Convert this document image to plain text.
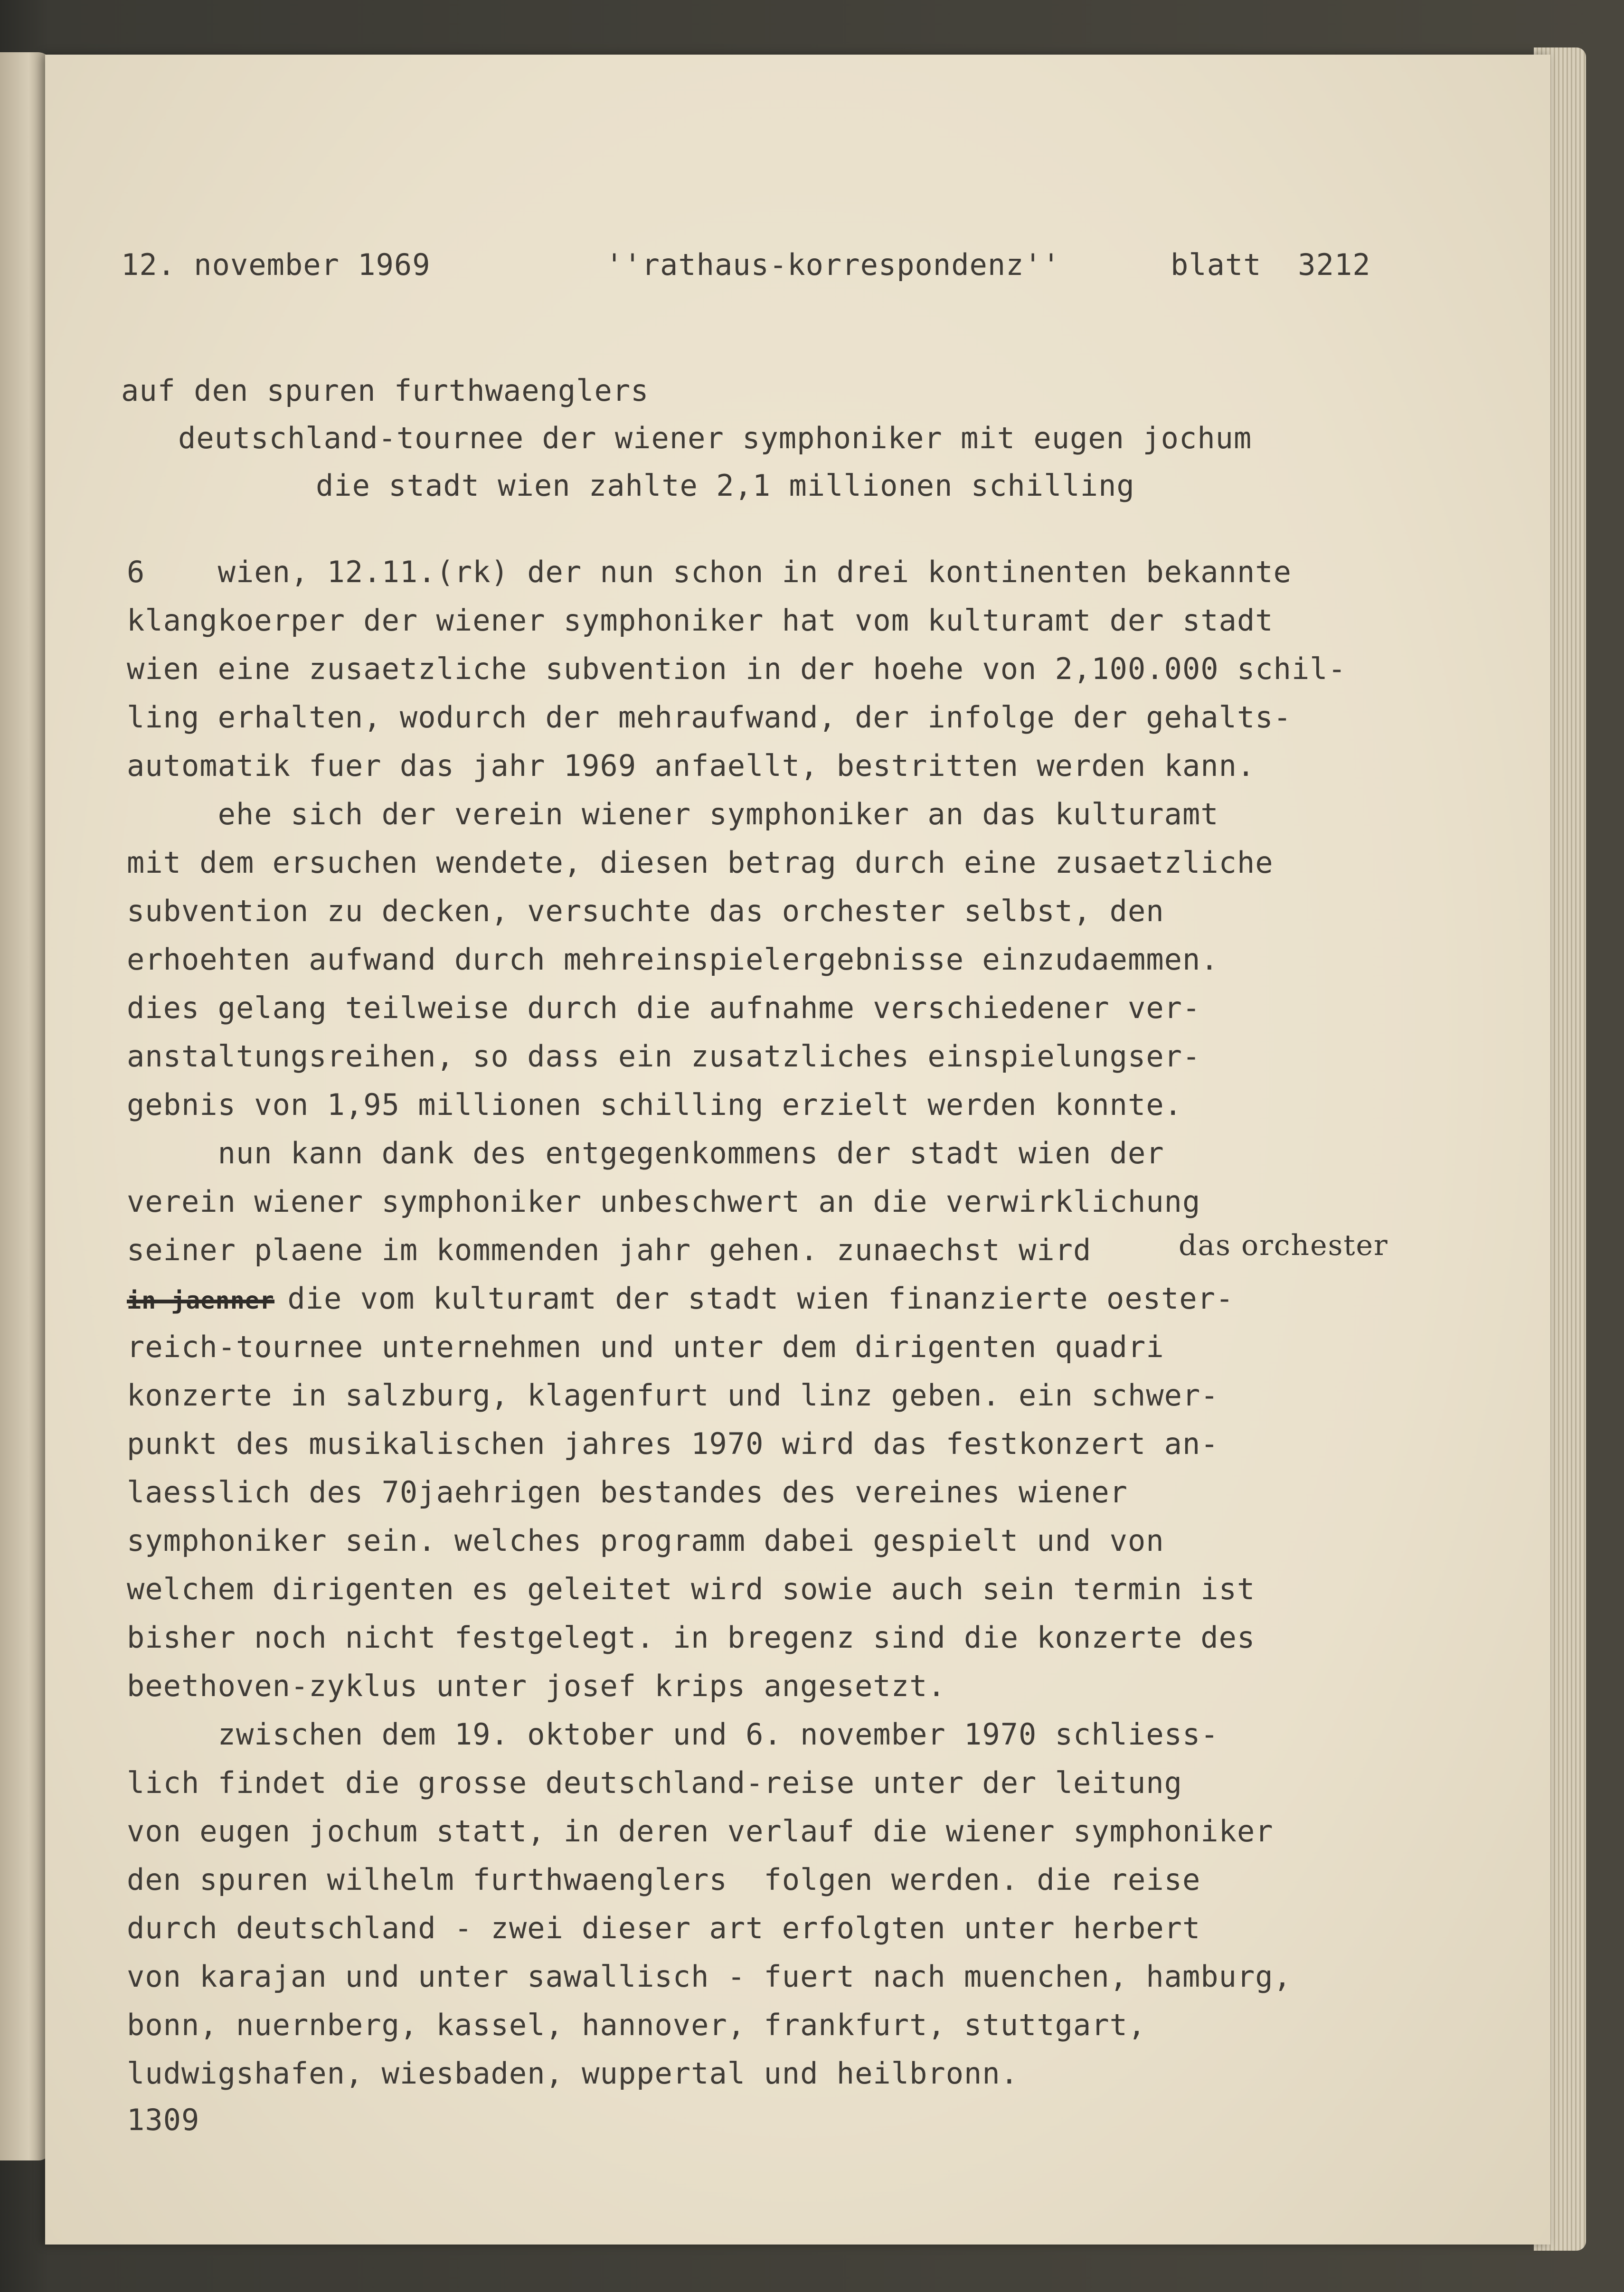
12. november 1969

	''rathaus-korrespondenz''

	blatt  3212

auf den spuren furthwaenglers

deutschland-tournee der wiener symphoniker mit eugen jochum

die stadt wien zahlte 2,1 millionen schilling

6    wien, 12.11.(rk) der nun schon in drei kontinenten bekannte

klangkoerper der wiener symphoniker hat vom kulturamt der stadt

wien eine zusaetzliche subvention in der hoehe von 2,100.000 schil-

ling erhalten, wodurch der mehraufwand, der infolge der gehalts-

automatik fuer das jahr 1969 anfaellt, bestritten werden kann.

ehe sich der verein wiener symphoniker an das kulturamt

mit dem ersuchen wendete, diesen betrag durch eine zusaetzliche

subvention zu decken, versuchte das orchester selbst, den

erhoehten aufwand durch mehreinspielergebnisse einzudaemmen.

dies gelang teilweise durch die aufnahme verschiedener ver-

anstaltungsreihen, so dass ein zusatzliches einspielungser-

gebnis von 1,95 millionen schilling erzielt werden konnte.

nun kann dank des entgegenkommens der stadt wien der

verein wiener symphoniker unbeschwert an die verwirklichung

seiner plaene im kommenden jahr gehen. zunaechst wird

	das orchester

in jaenner

die vom kulturamt der stadt wien finanzierte oester-

reich-tournee unternehmen und unter dem dirigenten quadri

konzerte in salzburg, klagenfurt und linz geben. ein schwer-

punkt des musikalischen jahres 1970 wird das festkonzert an-

laesslich des 70jaehrigen bestandes des vereines wiener

symphoniker sein. welches programm dabei gespielt und von

welchem dirigenten es geleitet wird sowie auch sein termin ist

bisher noch nicht festgelegt. in bregenz sind die konzerte des

beethoven-zyklus unter josef krips angesetzt.

zwischen dem 19. oktober und 6. november 1970 schliess-

lich findet die grosse deutschland-reise unter der leitung

von eugen jochum statt, in deren verlauf die wiener symphoniker

den spuren wilhelm furthwaenglers  folgen werden. die reise

durch deutschland - zwei dieser art erfolgten unter herbert

von karajan und unter sawallisch - fuert nach muenchen, hamburg,

bonn, nuernberg, kassel, hannover, frankfurt, stuttgart,

ludwigshafen, wiesbaden, wuppertal und heilbronn.

1309
